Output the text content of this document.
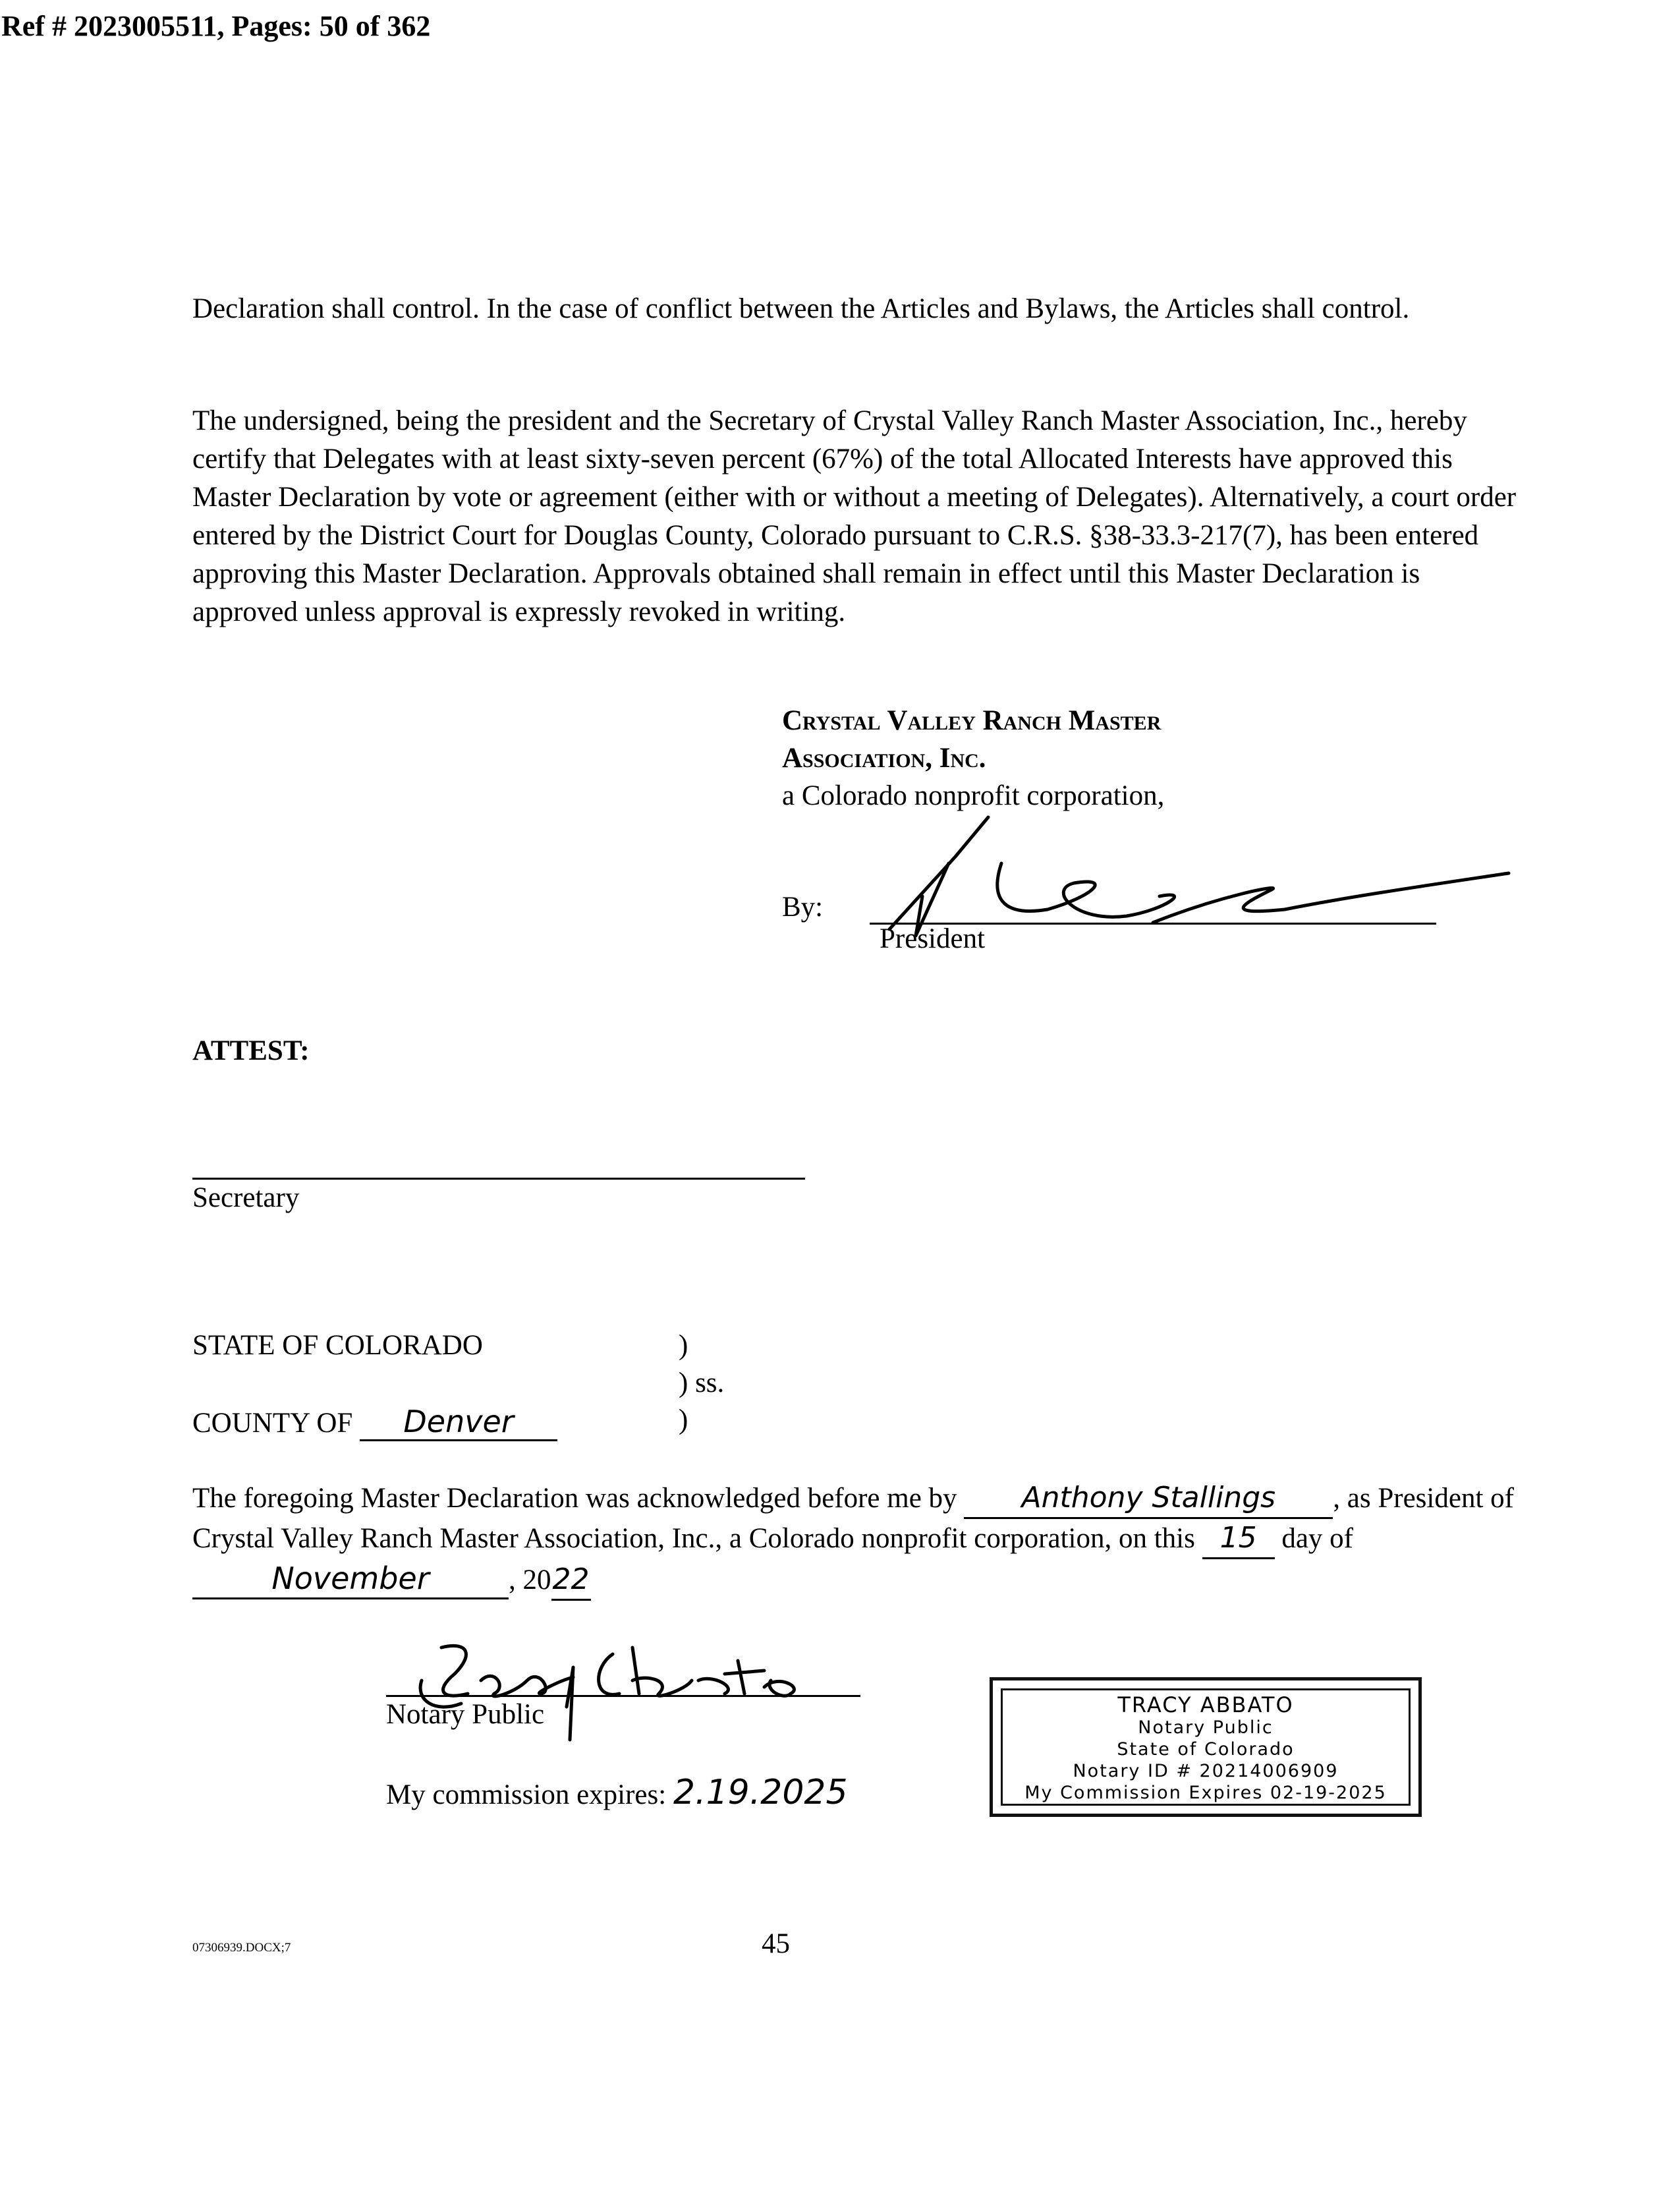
Ref # 2023005511, Pages: 50 of 362
Declaration shall control. In the case of conflict between the Articles and Bylaws, the Articles shall control.
The undersigned, being the president and the Secretary of Crystal Valley Ranch Master Association, Inc., hereby certify that Delegates with at least sixty-seven percent (67%) of the total Allocated Interests have approved this Master Declaration by vote or agreement (either with or without a meeting of Delegates). Alternatively, a court order entered by the District Court for Douglas County, Colorado pursuant to C.R.S. §38-33.3-217(7), has been entered approving this Master Declaration. Approvals obtained shall remain in effect until this Master Declaration is approved unless approval is expressly revoked in writing.
Crystal Valley Ranch Master
Association, Inc.
a Colorado nonprofit corporation,
By:
President
ATTEST:
Secretary
STATE OF COLORADO
COUNTY OF Denver
)
) ss.
)
The foregoing Master Declaration was acknowledged before me by Anthony Stallings , as President of Crystal Valley Ranch Master Association, Inc., a Colorado nonprofit corporation, on this 15 day of November	, 2022
Notary Public
My commission expires: 2.19.2025
TRACY ABBATO
Notary Public
State of Colorado
Notary ID # 20214006909
My Commission Expires 02-19-2025
07306939.DOCX;7	45
